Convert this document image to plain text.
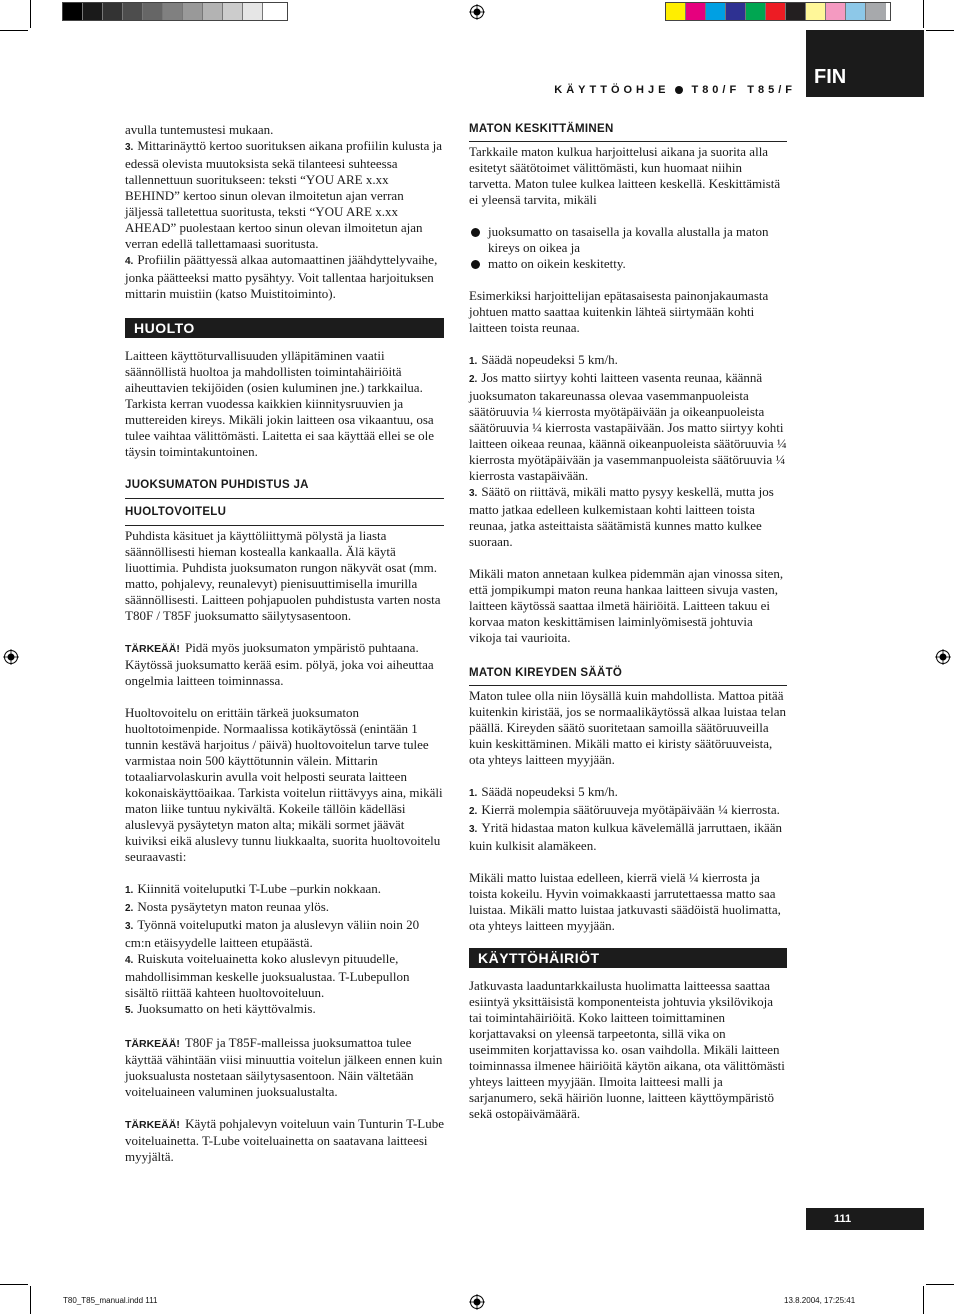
KÄYTTÖOHJE T80/F T85/F
FIN

avulla tuntemustesi mukaan.

3. Mittarinäyttö kertoo suorituksen aikana profiilin kulusta ja edessä olevista muutoksista sekä tilanteesi suhteessa tallennettuun suoritukseen: teksti “YOU ARE x.xx BEHIND” kertoo sinun olevan ilmoitetun ajan verran jäljessä talletettua suoritusta, teksti “YOU ARE x.xx AHEAD” puolestaan kertoo sinun olevan ilmoitetun ajan verran edellä tallettamaasi suoritusta.

4. Profiilin päättyessä alkaa automaattinen jäähdyttelyvaihe, jonka päätteeksi matto pysähtyy. Voit tallentaa harjoituksen mittarin muistiin (katso Muistitoiminto).

HUOLTO

Laitteen käyttöturvallisuuden ylläpitäminen vaatii säännöllistä huoltoa ja mahdollisten toimintahäiriöitä aiheuttavien tekijöiden (osien kuluminen jne.) tarkkailua. Tarkista kerran vuodessa kaikkien kiinnitysruuvien ja muttereiden kireys. Mikäli jokin laitteen osa vikaantuu, osa tulee vaihtaa välittömästi. Laitetta ei saa käyttää ellei se ole täysin toimintakuntoinen.

JUOKSUMATON PUHDISTUS JA
HUOLTOVOITELU

Puhdista käsituet ja käyttöliittymä pölystä ja liasta säännöllisesti hieman kostealla kankaalla. Älä käytä liuottimia. Puhdista juoksumaton rungon näkyvät osat (mm. matto, pohjalevy, reunalevyt) pienisuuttimisella imurilla säännöllisesti. Laitteen pohjapuolen puhdistusta varten nosta T80F / T85F juoksumatto säilytysasentoon.

TÄRKEÄÄ! Pidä myös juoksumaton ympäristö puhtaana. Käytössä juoksumatto kerää esim. pölyä, joka voi aiheuttaa ongelmia laitteen toiminnassa.

Huoltovoitelu on erittäin tärkeä juoksumaton huoltotoimenpide. Normaalissa kotikäytössä (enintään 1 tunnin kestävä harjoitus / päivä) huoltovoitelun tarve tulee varmistaa noin 500 käyttötunnin välein. Mittarin totaaliarvolaskurin avulla voit helposti seurata laitteen kokonaiskäyttöaikaa. Tarkista voitelun riittävyys aina, mikäli maton liike tuntuu nykivältä. Kokeile tällöin kädelläsi aluslevyä pysäytetyn maton alta; mikäli sormet jäävät kuiviksi eikä aluslevy tunnu liukkaalta, suorita huoltovoitelu seuraavasti:

1. Kiinnitä voiteluputki T-Lube –purkin nokkaan.

2. Nosta pysäytetyn maton reunaa ylös.

3. Työnnä voiteluputki maton ja aluslevyn väliin noin 20 cm:n etäisyydelle laitteen etupäästä.

4. Ruiskuta voiteluainetta koko aluslevyn pituudelle, mahdollisimman keskelle juoksualustaa. T-Lubepullon sisältö riittää kahteen huoltovoiteluun.

5. Juoksumatto on heti käyttövalmis.

TÄRKEÄÄ! T80F ja T85F-malleissa juoksumattoa tulee käyttää vähintään viisi minuuttia voitelun jälkeen ennen kuin juoksualusta nostetaan säilytysasentoon. Näin vältetään voiteluaineen valuminen juoksualustalta.

TÄRKEÄÄ! Käytä pohjalevyn voiteluun vain Tunturin T-Lube voiteluainetta. T-Lube voiteluainetta on saatavana laitteesi myyjältä.

MATON KESKITTÄMINEN

Tarkkaile maton kulkua harjoittelusi aikana ja suorita alla esitetyt säätötoimet välittömästi, kun huomaat niihin tarvetta. Maton tulee kulkea laitteen keskellä. Keskittämistä ei yleensä tarvita, mikäli

juoksumatto on tasaisella ja kovalla alustalla ja maton kireys on oikea ja

matto on oikein keskitetty.

Esimerkiksi harjoittelijan epätasaisesta painonjakaumasta johtuen matto saattaa kuitenkin lähteä siirtymään kohti laitteen toista reunaa.

1. Säädä nopeudeksi 5 km/h.

2. Jos matto siirtyy kohti laitteen vasenta reunaa, käännä juoksumaton takareunassa olevaa vasemmanpuoleista säätöruuvia ¼ kierrosta myötäpäivään ja oikeanpuoleista säätöruuvia ¼ kierrosta vastapäivään. Jos matto siirtyy kohti laitteen oikeaa reunaa, käännä oikeanpuoleista säätöruuvia ¼ kierrosta myötäpäivään ja vasemmanpuoleista säätöruuvia ¼ kierrosta vastapäivään.

3. Säätö on riittävä, mikäli matto pysyy keskellä, mutta jos matto jatkaa edelleen kulkemistaan kohti laitteen toista reunaa, jatka asteittaista säätämistä kunnes matto kulkee suoraan.

Mikäli maton annetaan kulkea pidemmän ajan vinossa siten, että jompikumpi maton reuna hankaa laitteen sivuja vasten, laitteen käytössä saattaa ilmetä häiriöitä. Laitteen takuu ei korvaa maton keskittämisen laiminlyömisestä johtuvia vikoja tai vaurioita.

MATON KIREYDEN SÄÄTÖ

Maton tulee olla niin löysällä kuin mahdollista. Mattoa pitää kuitenkin kiristää, jos se normaalikäytössä alkaa luistaa telan päällä. Kireyden säätö suoritetaan samoilla säätöruuveilla kuin keskittäminen. Mikäli matto ei kiristy säätöruuveista, ota yhteys laitteen myyjään.

1. Säädä nopeudeksi 5 km/h.

2. Kierrä molempia säätöruuveja myötäpäivään ¼ kierrosta.

3. Yritä hidastaa maton kulkua kävelemällä jarruttaen, ikään kuin kulkisit alamäkeen.

Mikäli matto luistaa edelleen, kierrä vielä ¼ kierrosta ja toista kokeilu. Hyvin voimakkaasti jarrutettaessa matto saa luistaa. Mikäli matto luistaa jatkuvasti säädöistä huolimatta, ota yhteys laitteen myyjään.

KÄYTTÖHÄIRIÖT

Jatkuvasta laaduntarkkailusta huolimatta laitteessa saattaa esiintyä yksittäisistä komponenteista johtuvia yksilövikoja tai toimintahäiriöitä. Koko laitteen toimittaminen korjattavaksi on yleensä tarpeetonta, sillä vika on useimmiten korjattavissa ko. osan vaihdolla. Mikäli laitteen toiminnassa ilmenee häiriöitä käytön aikana, ota välittömästi yhteys laitteen myyjään. Ilmoita laitteesi malli ja sarjanumero, sekä häiriön luonne, laitteen käyttöympäristö sekä ostopäivämäärä.

111
T80_T85_manual.indd 111	13.8.2004, 17:25:41
